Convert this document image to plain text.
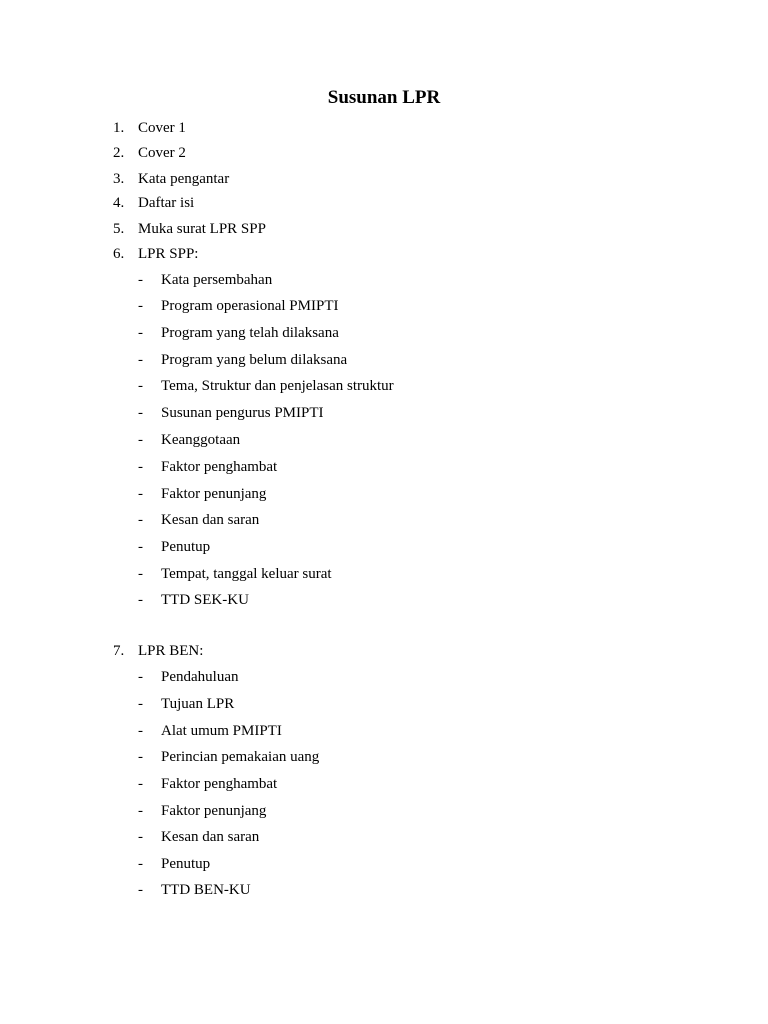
Susunan LPR
1. Cover 1
2. Cover 2
3. Kata pengantar
4. Daftar isi
5. Muka surat LPR SPP
6. LPR SPP:
- Kata persembahan
- Program operasional PMIPTI
- Program yang telah dilaksana
- Program yang belum dilaksana
- Tema, Struktur dan penjelasan struktur
- Susunan pengurus PMIPTI
- Keanggotaan
- Faktor penghambat
- Faktor penunjang
- Kesan dan saran
- Penutup
- Tempat, tanggal keluar surat
- TTD SEK-KU
7. LPR BEN:
- Pendahuluan
- Tujuan LPR
- Alat umum PMIPTI
- Perincian pemakaian uang
- Faktor penghambat
- Faktor penunjang
- Kesan dan saran
- Penutup
- TTD BEN-KU
